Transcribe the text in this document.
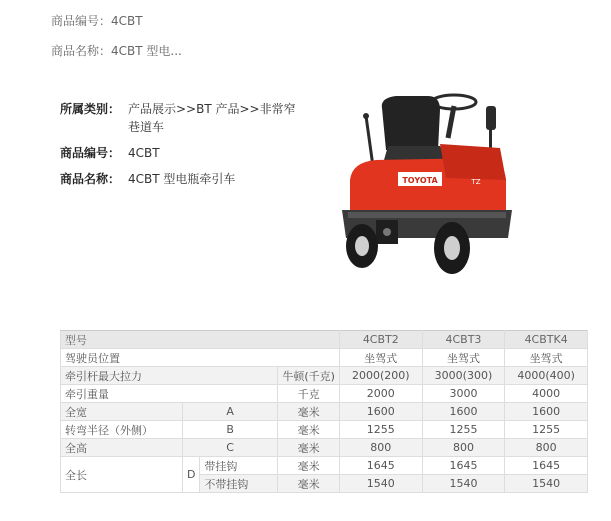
商品编号：4CBT
商品名称：4CBT 型电...
所属类别： 产品展示>>BT 产品>>非常窄巷道车
商品编号： 4CBT
商品名称： 4CBT 型电瓶牵引车	TOYOTA	TZ
型号				4CBT2	4CBT3	4CBTK4
驾驶员位置				坐驾式	坐驾式	坐驾式
牵引杆最大拉力			牛顿(千克)	2000(200)	3000(300)	4000(400)
牵引重量			千克	2000	3000	4000
全宽	A		毫米	1600	1600	1600
转弯半径（外侧）	B		毫米	1255	1255	1255
全高	C		毫米	800	800	800
全长	D	带挂钩	毫米	1645	1645	1645
		不带挂钩	毫米	1540	1540	1540
